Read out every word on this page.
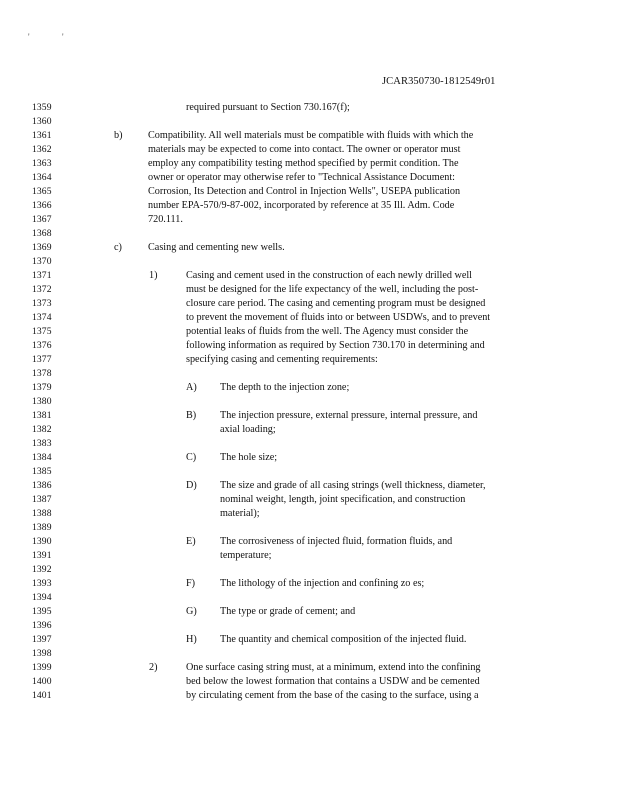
'	'
JCAR350730-1812549r01
1359	required pursuant to Section 730.167(f);
1360
1361	b)	Compatibility. All well materials must be compatible with fluids with which the
1362	materials may be expected to come into contact. The owner or operator must
1363	employ any compatibility testing method specified by permit condition. The
1364	owner or operator may otherwise refer to "Technical Assistance Document:
1365	Corrosion, Its Detection and Control in Injection Wells", USEPA publication
1366	number EPA-570/9-87-002, incorporated by reference at 35 Ill. Adm. Code
1367	720.111.
1368
1369	c)	Casing and cementing new wells.
1370
1371	1)	Casing and cement used in the construction of each newly drilled well
1372	must be designed for the life expectancy of the well, including the post-
1373	closure care period. The casing and cementing program must be designed
1374	to prevent the movement of fluids into or between USDWs, and to prevent
1375	potential leaks of fluids from the well. The Agency must consider the
1376	following information as required by Section 730.170 in determining and
1377	specifying casing and cementing requirements:
1378
1379	A) The depth to the injection zone;
1380
1381	B) The injection pressure, external pressure, internal pressure, and
1382	axial loading;
1383
1384	C) The hole size;
1385
1386	D) The size and grade of all casing strings (well thickness, diameter,
1387	nominal weight, length, joint specification, and construction
1388	material);
1389
1390	E) The corrosiveness of injected fluid, formation fluids, and
1391	temperature;
1392
1393	F) The lithology of the injection and confining zo es;
1394
1395	G) The type or grade of cement; and
1396
1397	H) The quantity and chemical composition of the injected fluid.
1398
1399	2)	One surface casing string must, at a minimum, extend into the confining
1400	bed below the lowest formation that contains a USDW and be cemented
1401	by circulating cement from the base of the casing to the surface, using a
